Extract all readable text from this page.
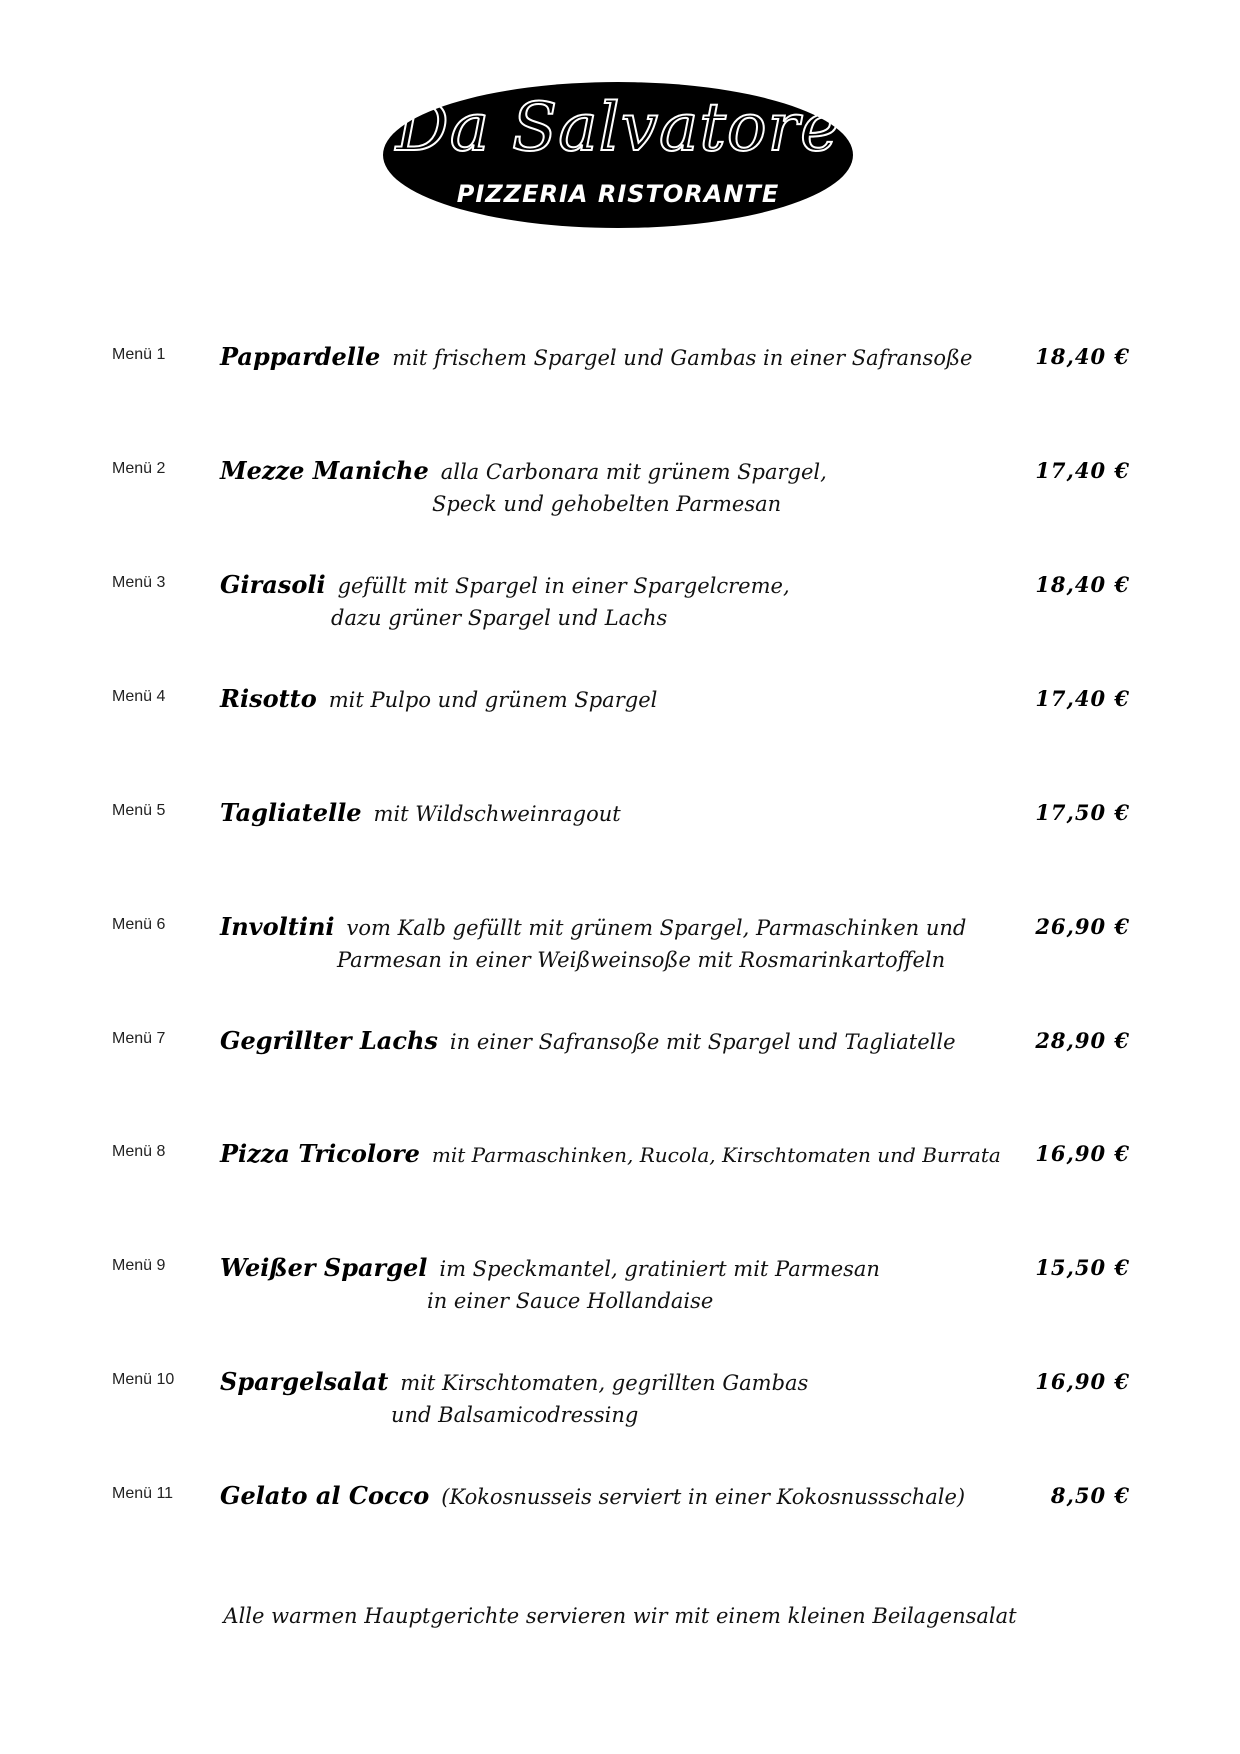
Da Salvatore
PIZZERIA RISTORANTE
Menü 1 Pappardelle mit frischem Spargel und Gambas in einer Safransoße	18,40 €
Menü 2 Mezze Maniche alla Carbonara mit grünem Spargel,
Speck und gehobelten Parmesan
17,40 €
Menü 3 Girasoli gefüllt mit Spargel in einer Spargelcreme,
dazu grüner Spargel und Lachs
18,40 €
Menü 4 Risotto mit Pulpo und grünem Spargel	17,40 €
Menü 5 Tagliatelle mit Wildschweinragout	17,50 €
Menü 6 Involtini vom Kalb gefüllt mit grünem Spargel, Parmaschinken und
Parmesan in einer Weißweinsoße mit Rosmarinkartoffeln
26,90 €
Menü 7 Gegrillter Lachs in einer Safransoße mit Spargel und Tagliatelle	28,90 €
Menü 8 Pizza Tricolore mit Parmaschinken, Rucola, Kirschtomaten und Burrata 16,90 €
Menü 9 Weißer Spargel im Speckmantel, gratiniert mit Parmesan
in einer Sauce Hollandaise
15,50 €
Menü 10 Spargelsalat mit Kirschtomaten, gegrillten Gambas
und Balsamicodressing
16,90 €
Menü 11 Gelato al Cocco (Kokosnusseis serviert in einer Kokosnussschale)	8,50 €
Alle warmen Hauptgerichte servieren wir mit einem kleinen Beilagensalat
